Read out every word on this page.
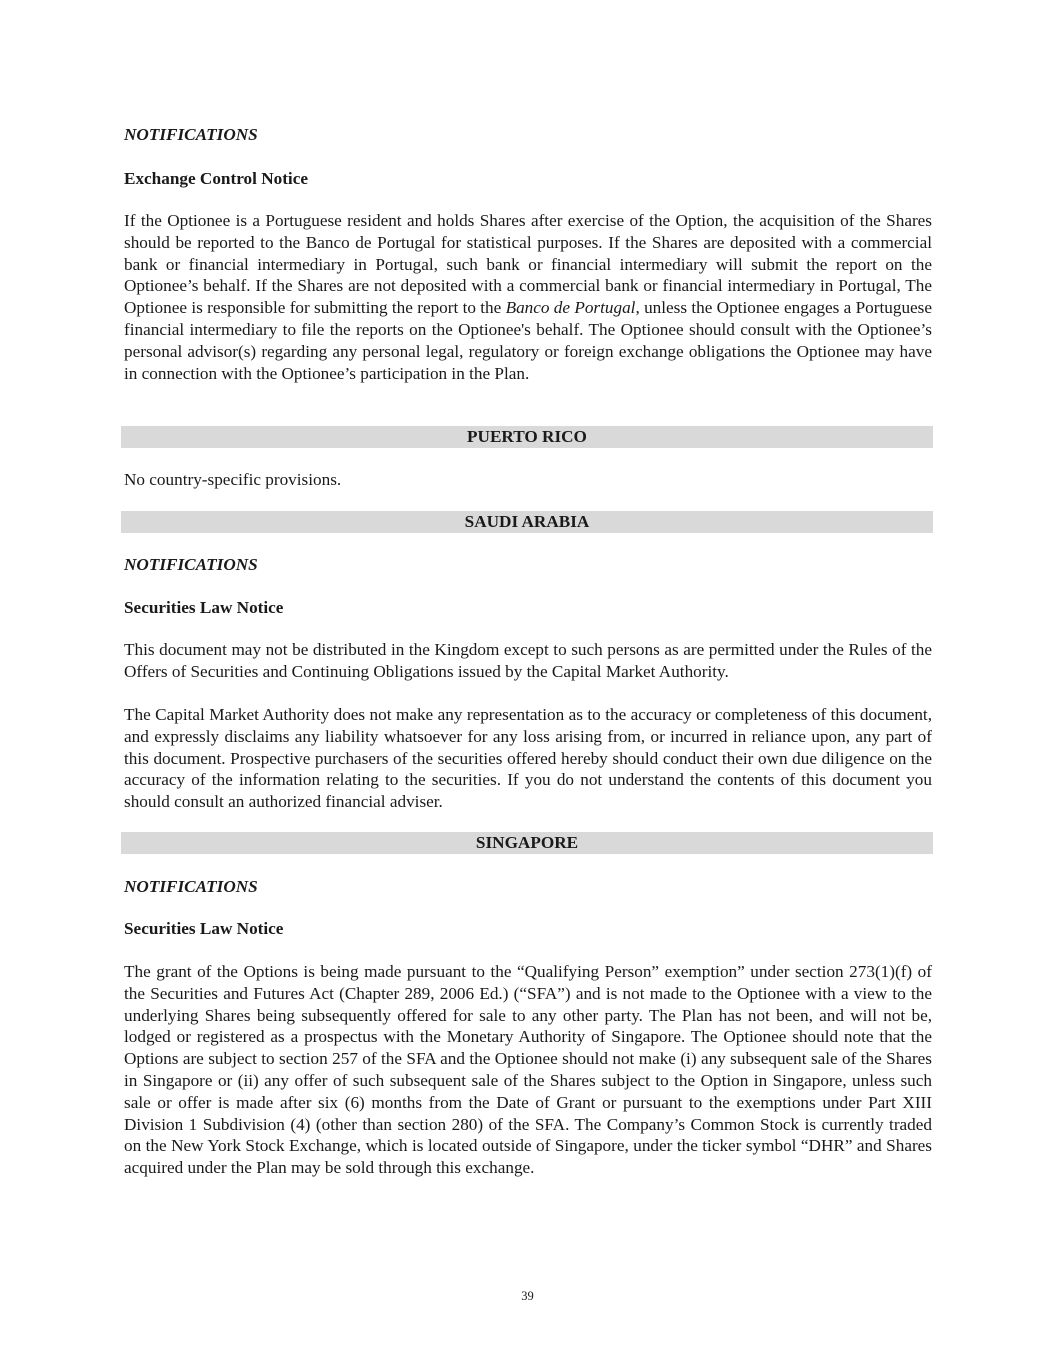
NOTIFICATIONS

Exchange Control Notice

If the Optionee is a Portuguese resident and holds Shares after exercise of the Option, the acquisition of the Shares should be reported to the Banco de Portugal for statistical purposes. If the Shares are deposited with a commercial bank or financial intermediary in Portugal, such bank or financial intermediary will submit the report on the Optionee’s behalf. If the Shares are not deposited with a commercial bank or financial intermediary in Portugal, The Optionee is responsible for submitting the report to the Banco de Portugal, unless the Optionee engages a Portuguese financial intermediary to file the reports on the Optionee's behalf. The Optionee should consult with the Optionee’s personal advisor(s) regarding any personal legal, regulatory or foreign exchange obligations the Optionee may have in connection with the Optionee’s participation in the Plan.

PUERTO RICO

No country-specific provisions.

SAUDI ARABIA

NOTIFICATIONS

Securities Law Notice

This document may not be distributed in the Kingdom except to such persons as are permitted under the Rules of the Offers of Securities and Continuing Obligations issued by the Capital Market Authority.

The Capital Market Authority does not make any representation as to the accuracy or completeness of this document, and expressly disclaims any liability whatsoever for any loss arising from, or incurred in reliance upon, any part of this document. Prospective purchasers of the securities offered hereby should conduct their own due diligence on the accuracy of the information relating to the securities. If you do not understand the contents of this document you should consult an authorized financial adviser.

SINGAPORE

NOTIFICATIONS

Securities Law Notice

The grant of the Options is being made pursuant to the “Qualifying Person” exemption” under section 273(1)(f) of the Securities and Futures Act (Chapter 289, 2006 Ed.) (“SFA”) and is not made to the Optionee with a view to the underlying Shares being subsequently offered for sale to any other party. The Plan has not been, and will not be, lodged or registered as a prospectus with the Monetary Authority of Singapore. The Optionee should note that the Options are subject to section 257 of the SFA and the Optionee should not make (i) any subsequent sale of the Shares in Singapore or (ii) any offer of such subsequent sale of the Shares subject to the Option in Singapore, unless such sale or offer is made after six (6) months from the Date of Grant or pursuant to the exemptions under Part XIII Division 1 Subdivision (4) (other than section 280) of the SFA. The Company’s Common Stock is currently traded on the New York Stock Exchange, which is located outside of Singapore, under the ticker symbol “DHR” and Shares acquired under the Plan may be sold through this exchange.

39
